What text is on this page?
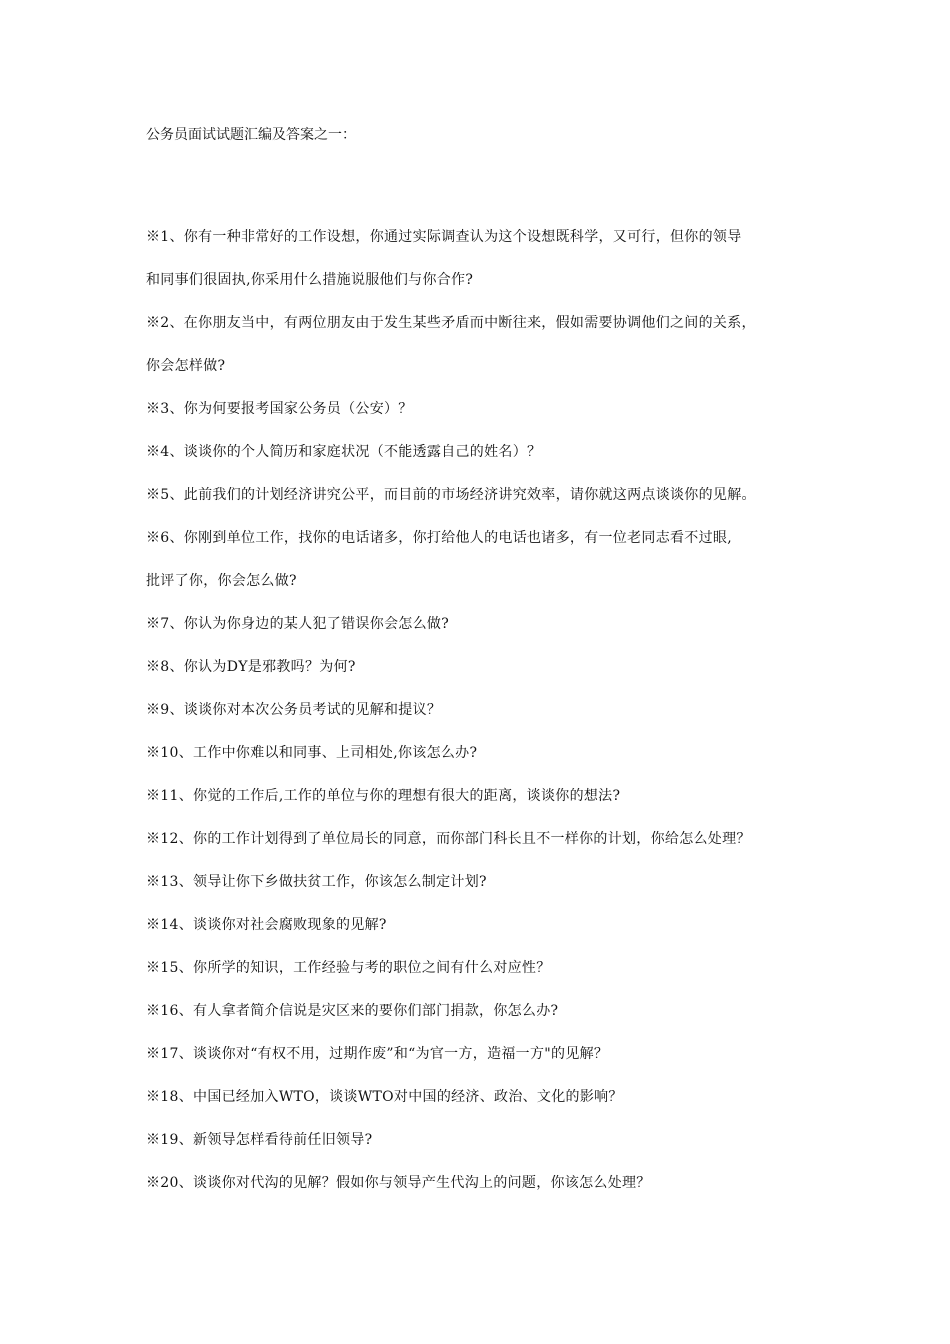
公务员面试试题汇编及答案之一：
※1、你有一种非常好的工作设想，你通过实际调查认为这个设想既科学，又可行，但你的领导
和同事们很固执,你采用什么措施说服他们与你合作?
※2、在你朋友当中，有两位朋友由于发生某些矛盾而中断往来，假如需要协调他们之间的关系，
你会怎样做?
※3、你为何要报考国家公务员（公安）？
※4、谈谈你的个人简历和家庭状况（不能透露自己的姓名）？
※5、此前我们的计划经济讲究公平，而目前的市场经济讲究效率，请你就这两点谈谈你的见解。
※6、你刚到单位工作，找你的电话诸多，你打给他人的电话也诸多，有一位老同志看不过眼,
批评了你，你会怎么做?
※7、你认为你身边的某人犯了错误你会怎么做?
※8、你认为DY是邪教吗？为何?
※9、谈谈你对本次公务员考试的见解和提议？
※10、工作中你难以和同事、上司相处,你该怎么办?
※11、你觉的工作后,工作的单位与你的理想有很大的距离，谈谈你的想法?
※12、你的工作计划得到了单位局长的同意，而你部门科长且不一样你的计划，你给怎么处理？
※13、领导让你下乡做扶贫工作，你该怎么制定计划?
※14、谈谈你对社会腐败现象的见解?
※15、你所学的知识，工作经验与考的职位之间有什么对应性？
※16、有人拿者简介信说是灾区来的要你们部门捐款，你怎么办?
※17、谈谈你对“有权不用，过期作废”和“为官一方，造福一方"的见解？
※18、中国已经加入WTO，谈谈WTO对中国的经济、政治、文化的影响？
※19、新领导怎样看待前任旧领导?
※20、谈谈你对代沟的见解？假如你与领导产生代沟上的问题，你该怎么处理？
